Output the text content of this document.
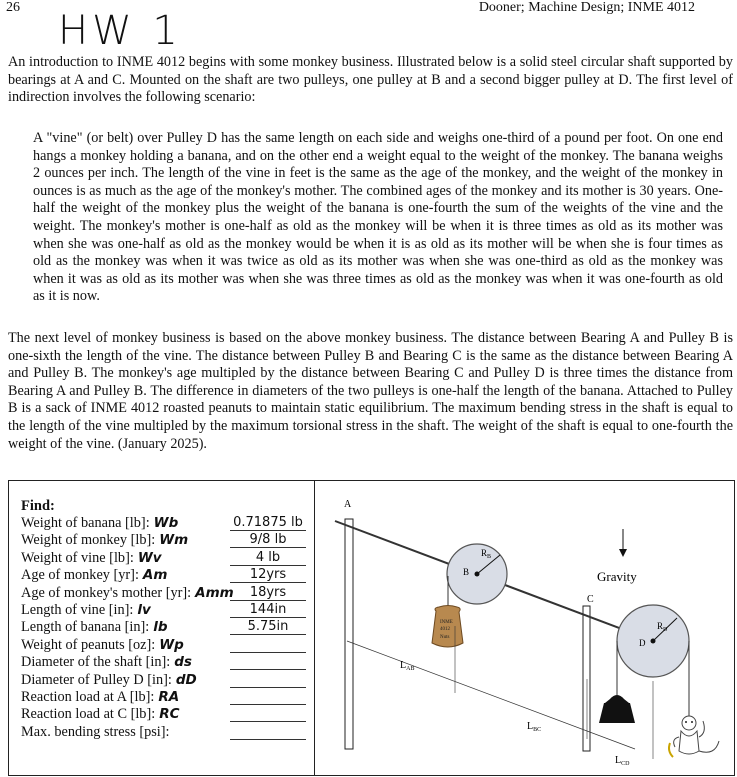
26	Dooner; Machine Design; INME 4012
HW 1
An introduction to INME 4012 begins with some monkey business. Illustrated below is a solid steel circular shaft supported by bearings at A and C. Mounted on the shaft are two pulleys, one pulley at B and a second bigger pulley at D. The first level of indirection involves the following scenario:
A "vine" (or belt) over Pulley D has the same length on each side and weighs one-third of a pound per foot. On one end hangs a monkey holding a banana, and on the other end a weight equal to the weight of the monkey. The banana weighs 2 ounces per inch. The length of the vine in feet is the same as the age of the monkey, and the weight of the monkey in ounces is as much as the age of the monkey's mother. The combined ages of the monkey and its mother is 30 years. One-half the weight of the monkey plus the weight of the banana is one-fourth the sum of the weights of the vine and the weight. The monkey's mother is one-half as old as the monkey will be when it is three times as old as its mother was when she was one-half as old as the monkey would be when it is as old as its mother will be when she is four times as old as the monkey was when it was twice as old as its mother was when she was one-third as old as the monkey was when it was as old as its mother was when she was three times as old as the monkey was when it was one-fourth as old as it is now.
The next level of monkey business is based on the above monkey business. The distance between Bearing A and Pulley B is one-sixth the length of the vine. The distance between Pulley B and Bearing C is the same as the distance between Bearing A and Pulley B. The monkey's age multipled by the distance between Bearing C and Pulley D is three times the distance from Bearing A and Pulley B. The difference in diameters of the two pulleys is one-half the length of the banana. Attached to Pulley B is a sack of INME 4012 roasted peanuts to maintain static equilibrium. The maximum bending stress in the shaft is equal to the length of the vine multipled by the maximum torsional stress in the shaft. The weight of the shaft is equal to one-fourth the weight of the vine. (January 2025).
Find:
Weight of banana [lb]: Wb	0.71875 lb
Weight of monkey [lb]: Wm	9/8 lb
Weight of vine [lb]: Wv	4 lb
Age of monkey [yr]: Am	12yrs
Age of monkey's mother [yr]: Amm	18yrs
Length of vine [in]: lv	144in
Length of banana [in]: lb	5.75in
Weight of peanuts [oz]: Wp
Diameter of the shaft [in]: ds
Diameter of Pulley D [in]: dD
Reaction load at A [lb]: RA
Reaction load at C [lb]: RC
Max. bending stress [psi]:
A
C
$R_B$
B
INME
4012
Nuts
Gravity
$R_D$
D
$L_{AB}$
$L_{BC}$
$L_{CD}$
